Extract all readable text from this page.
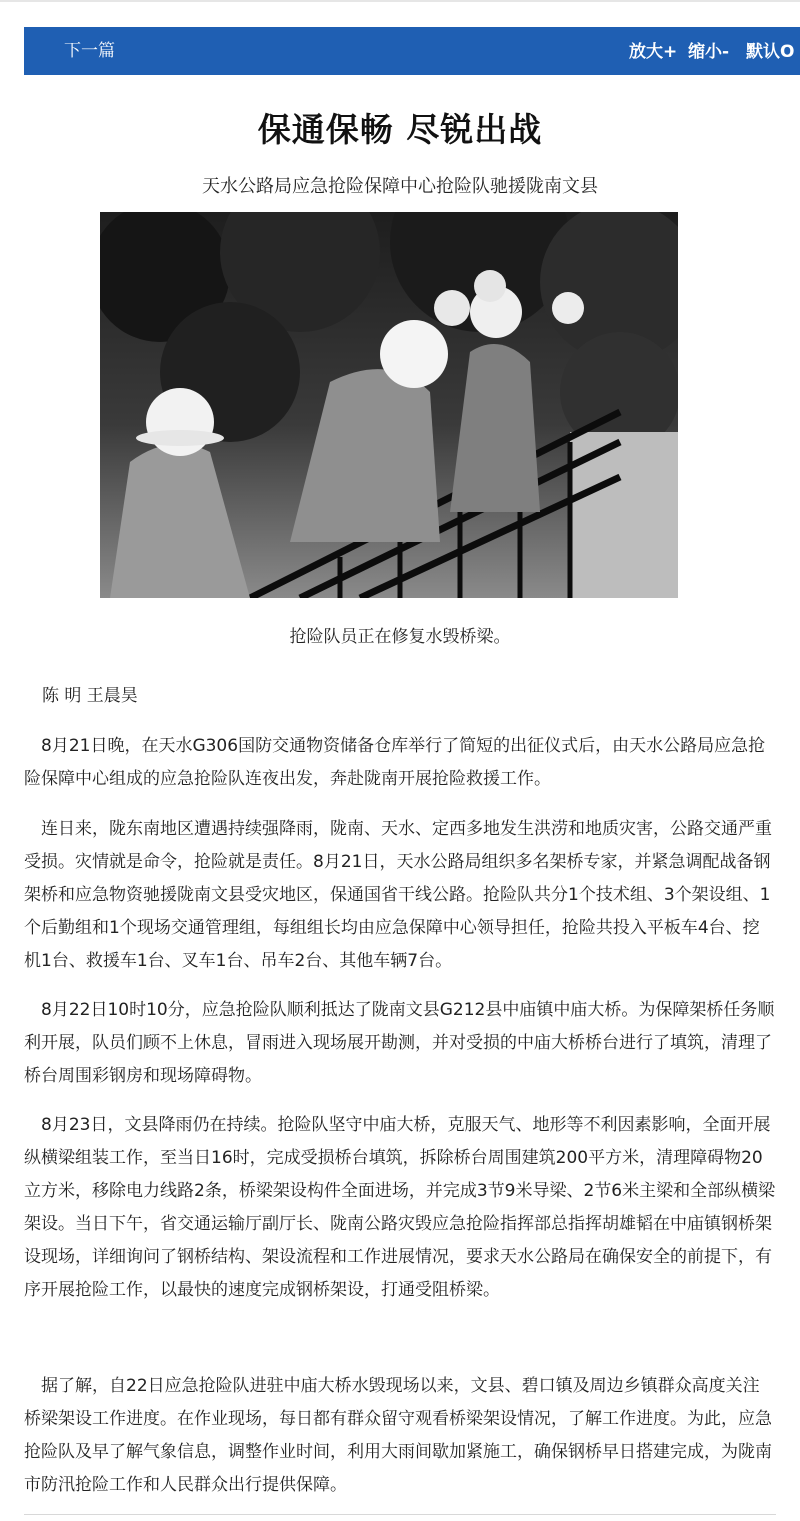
下一篇	放大+ 缩小- 默认O
保通保畅 尽锐出战
天水公路局应急抢险保障中心抢险队驰援陇南文县
抢险队员正在修复水毁桥梁。
陈 明 王晨昊

8月21日晚，在天水G306国防交通物资储备仓库举行了简短的出征仪式后，由天水公路局应急抢险保障中心组成的应急抢险队连夜出发，奔赴陇南开展抢险救援工作。

连日来，陇东南地区遭遇持续强降雨，陇南、天水、定西多地发生洪涝和地质灾害，公路交通严重受损。灾情就是命令，抢险就是责任。8月21日，天水公路局组织多名架桥专家，并紧急调配战备钢架桥和应急物资驰援陇南文县受灾地区，保通国省干线公路。抢险队共分1个技术组、3个架设组、1个后勤组和1个现场交通管理组，每组组长均由应急保障中心领导担任，抢险共投入平板车4台、挖机1台、救援车1台、叉车1台、吊车2台、其他车辆7台。

8月22日10时10分，应急抢险队顺利抵达了陇南文县G212县中庙镇中庙大桥。为保障架桥任务顺利开展，队员们顾不上休息，冒雨进入现场展开勘测，并对受损的中庙大桥桥台进行了填筑，清理了桥台周围彩钢房和现场障碍物。

8月23日，文县降雨仍在持续。抢险队坚守中庙大桥，克服天气、地形等不利因素影响，全面开展纵横梁组装工作，至当日16时，完成受损桥台填筑，拆除桥台周围建筑200平方米，清理障碍物20立方米，移除电力线路2条，桥梁架设构件全面进场，并完成3节9米导梁、2节6米主梁和全部纵横梁架设。当日下午，省交通运输厅副厅长、陇南公路灾毁应急抢险指挥部总指挥胡雄韬在中庙镇钢桥架设现场，详细询问了钢桥结构、架设流程和工作进展情况，要求天水公路局在确保安全的前提下，有序开展抢险工作，以最快的速度完成钢桥架设，打通受阻桥梁。

据了解，自22日应急抢险队进驻中庙大桥水毁现场以来，文县、碧口镇及周边乡镇群众高度关注桥梁架设工作进度。在作业现场，每日都有群众留守观看桥梁架设情况，了解工作进度。为此，应急抢险队及早了解气象信息，调整作业时间，利用大雨间歇加紧施工，确保钢桥早日搭建完成，为陇南市防汛抢险工作和人民群众出行提供保障。
